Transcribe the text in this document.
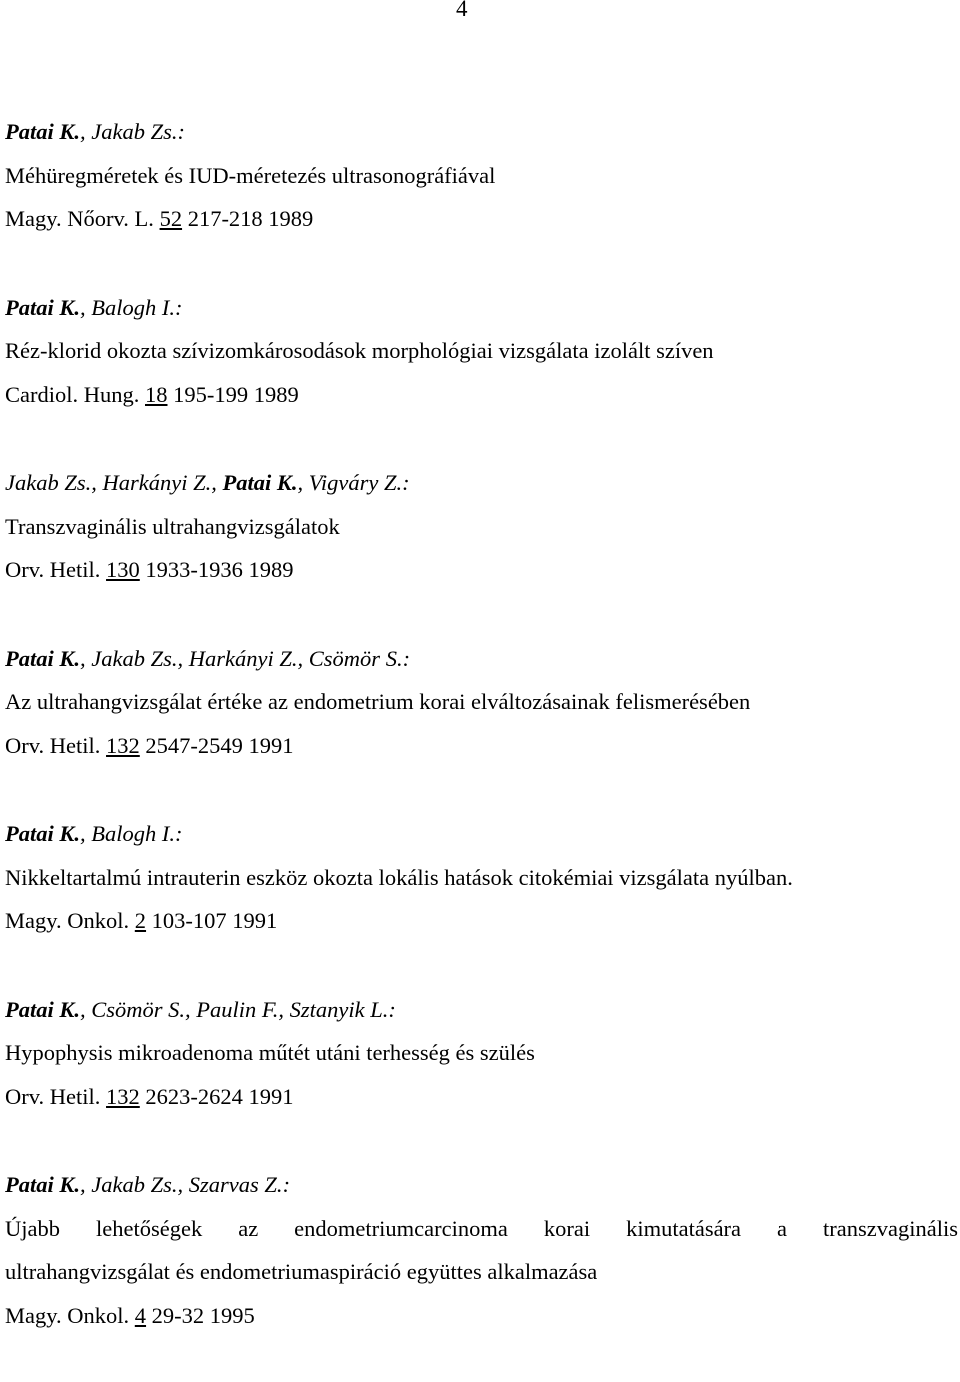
4
Patai K., Jakab Zs.:
Méhüregméretek és IUD-méretezés ultrasonográfiával
Magy. Nőorv. L. 52 217-218 1989
Patai K., Balogh I.:
Réz-klorid okozta szívizomkárosodások morphológiai vizsgálata izolált szíven
Cardiol. Hung. 18 195-199 1989
Jakab Zs., Harkányi Z., Patai K., Vigváry Z.:
Transzvaginális ultrahangvizsgálatok
Orv. Hetil. 130 1933-1936 1989
Patai K., Jakab Zs., Harkányi Z., Csömör S.:
Az ultrahangvizsgálat értéke az endometrium korai elváltozásainak felismerésében
Orv. Hetil. 132 2547-2549 1991
Patai K., Balogh I.:
Nikkeltartalmú intrauterin eszköz okozta lokális hatások citokémiai vizsgálata nyúlban.
Magy. Onkol. 2 103-107 1991
Patai K., Csömör S., Paulin F., Sztanyik L.:
Hypophysis mikroadenoma műtét utáni terhesség és szülés
Orv. Hetil. 132 2623-2624 1991
Patai K., Jakab Zs., Szarvas Z.:
Újabb lehetőségek az endometriumcarcinoma korai kimutatására a transzvaginális
ultrahangvizsgálat és endometriumaspiráció együttes alkalmazása
Magy. Onkol. 4 29-32 1995
